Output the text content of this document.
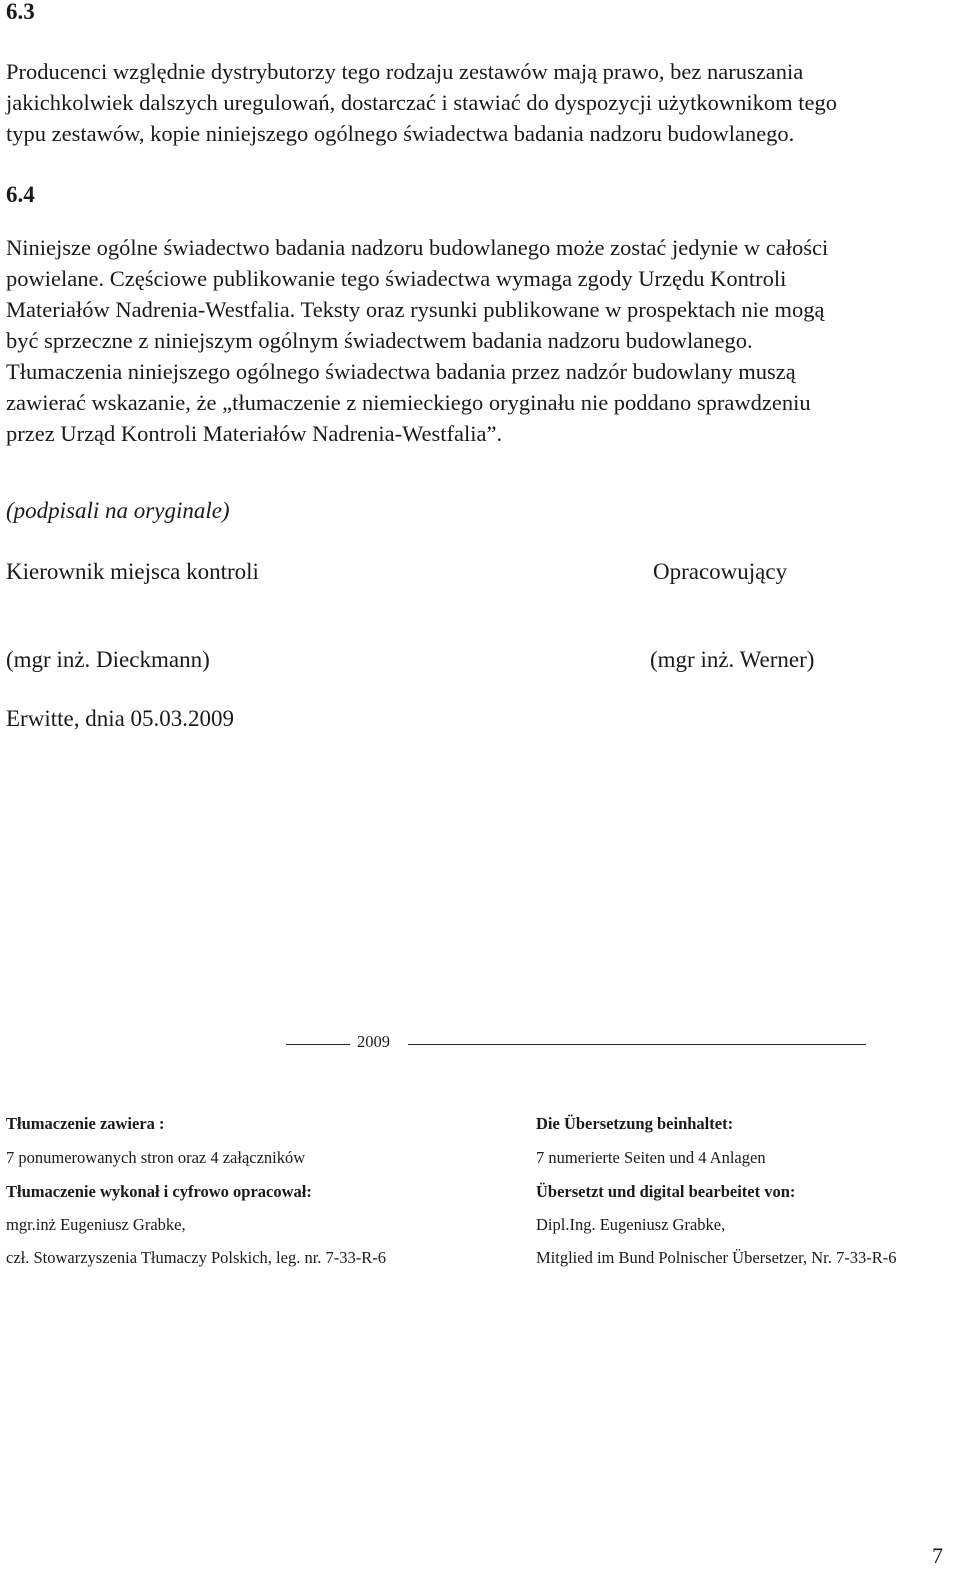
6.3
Producenci względnie dystrybutorzy tego rodzaju zestawów mają prawo, bez naruszania
jakichkolwiek dalszych uregulowań, dostarczać i stawiać do dyspozycji użytkownikom tego
typu zestawów, kopie niniejszego ogólnego świadectwa badania nadzoru budowlanego.
6.4
Niniejsze ogólne świadectwo badania nadzoru budowlanego może zostać jedynie w całości
powielane. Częściowe publikowanie tego świadectwa wymaga zgody Urzędu Kontroli
Materiałów Nadrenia-Westfalia. Teksty oraz rysunki publikowane w prospektach nie mogą
być sprzeczne z niniejszym ogólnym świadectwem badania nadzoru budowlanego.
Tłumaczenia niniejszego ogólnego świadectwa badania przez nadzór budowlany muszą
zawierać wskazanie, że „tłumaczenie z niemieckiego oryginału nie poddano sprawdzeniu
przez Urząd Kontroli Materiałów Nadrenia-Westfalia”.
(podpisali na oryginale)
Kierownik miejsca kontroli	Opracowujący
(mgr inż. Dieckmann)	(mgr inż. Werner)
Erwitte, dnia 05.03.2009
2009
Tłumaczenie zawiera :
7 ponumerowanych stron oraz 4 załączników
Tłumaczenie wykonał i cyfrowo opracował:
mgr.inż Eugeniusz Grabke,
czł. Stowarzyszenia Tłumaczy Polskich, leg. nr. 7-33-R-6
Die Übersetzung beinhaltet:
7 numerierte Seiten und 4 Anlagen
Übersetzt und digital bearbeitet von:
Dipl.Ing. Eugeniusz Grabke,
Mitglied im Bund Polnischer Übersetzer, Nr. 7-33-R-6
7
